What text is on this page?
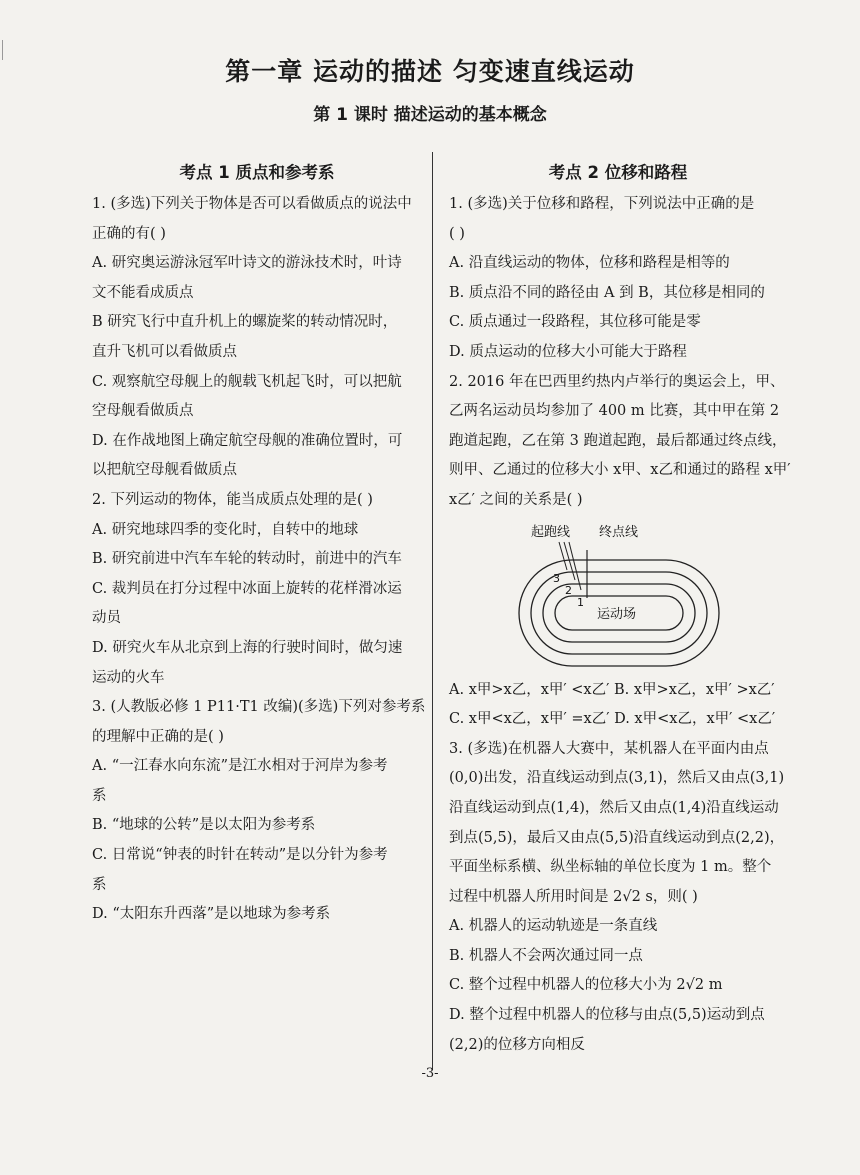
第一章 运动的描述 匀变速直线运动
第 1 课时 描述运动的基本概念
考点 1 质点和参考系
1. (多选)下列关于物体是否可以看做质点的说法中
正确的有( )
A. 研究奥运游泳冠军叶诗文的游泳技术时，叶诗
文不能看成质点
B 研究飞行中直升机上的螺旋桨的转动情况时，
直升飞机可以看做质点
C. 观察航空母舰上的舰载飞机起飞时，可以把航
空母舰看做质点
D. 在作战地图上确定航空母舰的准确位置时，可
以把航空母舰看做质点
2. 下列运动的物体，能当成质点处理的是( )
A. 研究地球四季的变化时，自转中的地球
B. 研究前进中汽车车轮的转动时，前进中的汽车
C. 裁判员在打分过程中冰面上旋转的花样滑冰运
动员
D. 研究火车从北京到上海的行驶时间时，做匀速
运动的火车
3. (人教版必修 1 P11·T1 改编)(多选)下列对参考系
的理解中正确的是( )
A. “一江春水向东流”是江水相对于河岸为参考
系
B. “地球的公转”是以太阳为参考系
C. 日常说“钟表的时针在转动”是以分针为参考
系
D. “太阳东升西落”是以地球为参考系
考点 2 位移和路程
1. (多选)关于位移和路程，下列说法中正确的是
( )
A. 沿直线运动的物体，位移和路程是相等的
B. 质点沿不同的路径由 A 到 B，其位移是相同的
C. 质点通过一段路程，其位移可能是零
D. 质点运动的位移大小可能大于路程
2. 2016 年在巴西里约热内卢举行的奥运会上，甲、
乙两名运动员均参加了 400 m 比赛，其中甲在第 2
跑道起跑，乙在第 3 跑道起跑，最后都通过终点线，
则甲、乙通过的位移大小 x甲、x乙和通过的路程 x甲′
x乙′ 之间的关系是( )
起跑线 终点线
1
2
3
运动场
A. x甲>x乙，x甲′ <x乙′ B. x甲>x乙，x甲′ >x乙′
C. x甲<x乙，x甲′ =x乙′ D. x甲<x乙，x甲′ <x乙′
3. (多选)在机器人大赛中，某机器人在平面内由点
(0,0)出发，沿直线运动到点(3,1)，然后又由点(3,1)
沿直线运动到点(1,4)，然后又由点(1,4)沿直线运动
到点(5,5)，最后又由点(5,5)沿直线运动到点(2,2)，
平面坐标系横、纵坐标轴的单位长度为 1 m。整个
过程中机器人所用时间是 2√2 s，则( )
A. 机器人的运动轨迹是一条直线
B. 机器人不会两次通过同一点
C. 整个过程中机器人的位移大小为 2√2 m
D. 整个过程中机器人的位移与由点(5,5)运动到点
(2,2)的位移方向相反
-3-
